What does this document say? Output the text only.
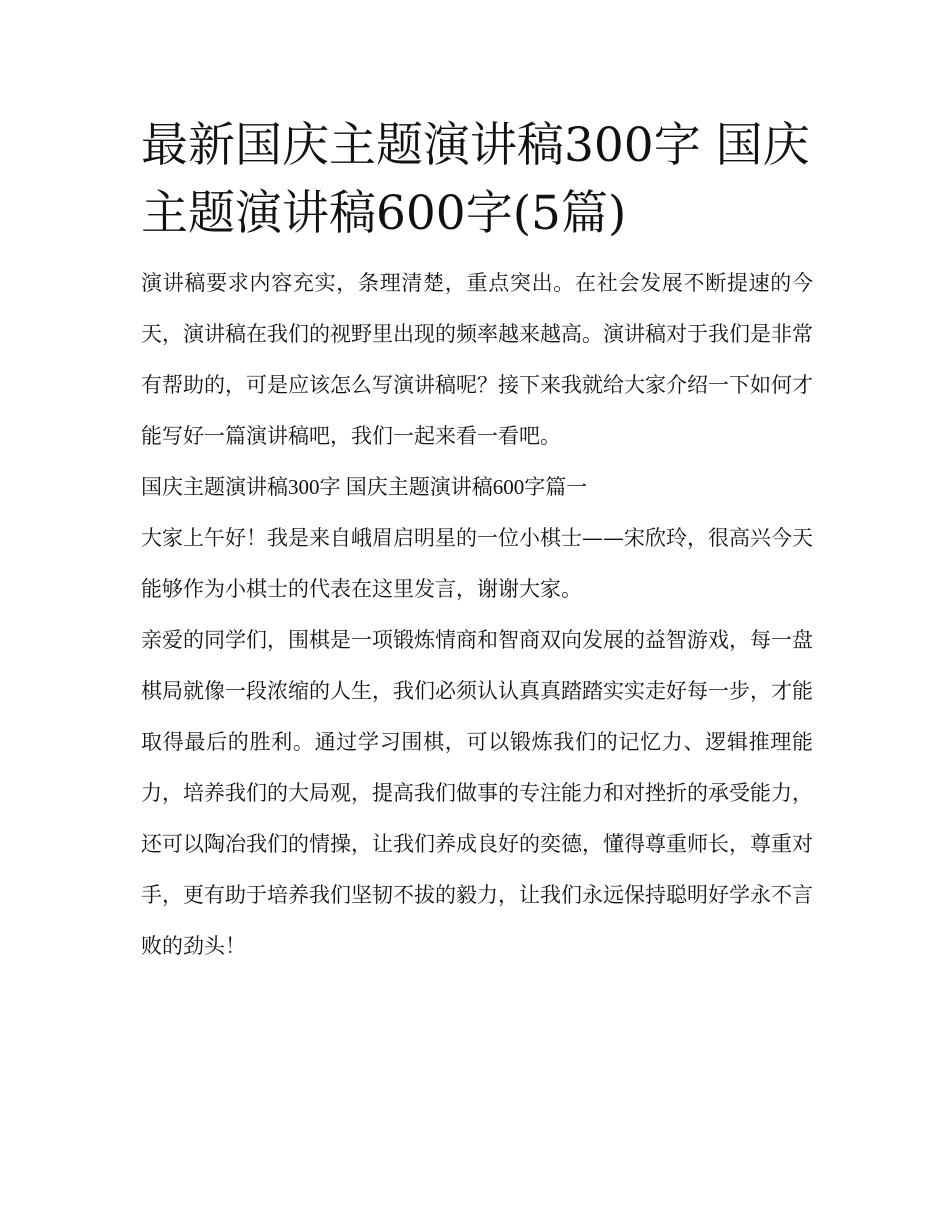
最新国庆主题演讲稿300字 国庆主题演讲稿600字(5篇)

演讲稿要求内容充实，条理清楚，重点突出。在社会发展不断提速的今天，演讲稿在我们的视野里出现的频率越来越高。演讲稿对于我们是非常有帮助的，可是应该怎么写演讲稿呢？接下来我就给大家介绍一下如何才能写好一篇演讲稿吧，我们一起来看一看吧。

国庆主题演讲稿300字 国庆主题演讲稿600字篇一

大家上午好！我是来自峨眉启明星的一位小棋士——宋欣玲，很高兴今天能够作为小棋士的代表在这里发言，谢谢大家。

亲爱的同学们，围棋是一项锻炼情商和智商双向发展的益智游戏，每一盘棋局就像一段浓缩的人生，我们必须认认真真踏踏实实走好每一步，才能取得最后的胜利。通过学习围棋，可以锻炼我们的记忆力、逻辑推理能力，培养我们的大局观，提高我们做事的专注能力和对挫折的承受能力，还可以陶冶我们的情操，让我们养成良好的奕德，懂得尊重师长，尊重对手，更有助于培养我们坚韧不拔的毅力，让我们永远保持聪明好学永不言败的劲头！
